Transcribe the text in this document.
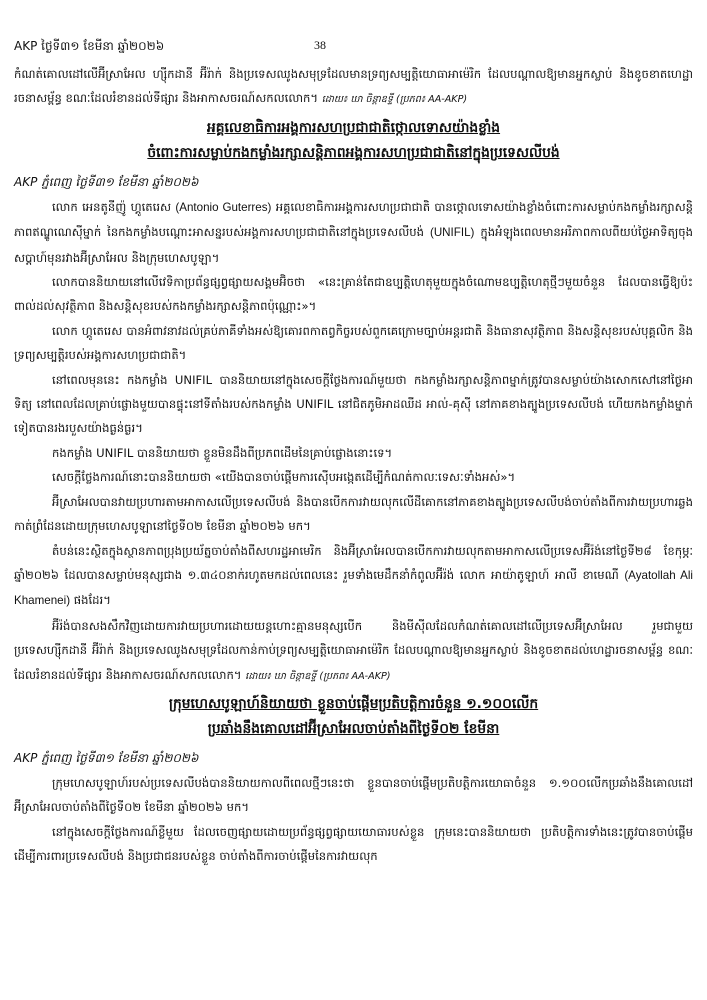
AKP ថ្ងៃទី៣១ ខែមីនា ឆ្នាំ២០២៦	38

កំណត់គោលដៅលើអ៊ីស្រាអែល ហ្ស៊ីកដានី អ៊ីរ៉ាក់ និងប្រទេសឈូងសមុទ្រដែលមានទ្រព្យសម្បត្តិយោធាអាម៉េរិក ដែលបណ្តាលឱ្យមានអ្នកស្លាប់ និងខូចខាតហេដ្ឋារចនាសម្ព័ន្ធ ខណៈដែលរំខានដល់ទីផ្សារ និងអាកាសចរណ៍សកលលោក។ ដោយ៖ ឃា ចិន្តាឧទ្ទី (ប្រភព៖ AA-AKP)

អគ្គលេខាធិការអង្គការសហប្រជាជាតិថ្កោលទោសយ៉ាងខ្លាំង
ចំពោះការសម្លាប់កងកម្លាំងរក្សាសន្តិភាពអង្គការសហប្រជាជាតិនៅក្នុងប្រទេសលីបង់
AKP ភ្នំពេញ ថ្ងៃទី៣១ ខែមីនា ឆ្នាំ២០២៦

លោក អេនតូនីញ៉ូ ហ្គូតេរេស (Antonio Guterres) អគ្គលេខាធិការអង្គការសហប្រជាជាតិ បានថ្កោលទោសយ៉ាងខ្លាំងចំពោះការសម្លាប់កងកម្លាំងរក្សាសន្តិភាពឥណ្ឌូណេស៊ីម្នាក់ នៃកងកម្លាំងបណ្តោះអាសន្នរបស់អង្គការសហប្រជាជាតិនៅក្នុងប្រទេសលីបង់ (UNIFIL) ក្នុងអំឡុងពេលមានអរិភាពកាលពីយប់ថ្ងៃអាទិត្យចុងសប្តាហ៍មុនរវាងអ៊ីស្រាអែល និងក្រុមហេសបូឡា។

លោកបាននិយាយនៅលើវេទិកាប្រព័ន្ធផ្សព្វផ្សាយសង្គមអ៊ិចថា «នេះគ្រាន់តែជាឧប្បត្តិហេតុមួយក្នុងចំណោមឧប្បត្តិហេតុថ្មីៗមួយចំនួន ដែលបានធ្វើឱ្យប៉ះពាល់ដល់សុវត្ថិភាព និងសន្តិសុខរបស់កងកម្លាំងរក្សាសន្តិភាពប៉ុណ្ណោះ»។

លោក ហ្គូតេរេស បានអំពាវនាវដល់គ្រប់ភាគីទាំងអស់ឱ្យគោរពកាតព្វកិច្ចរបស់ពួកគេក្រោមច្បាប់អន្តរជាតិ និងធានាសុវត្ថិភាព និងសន្តិសុខរបស់បុគ្គលិក និងទ្រព្យសម្បត្តិរបស់អង្គការសហប្រជាជាតិ។

នៅពេលមុននេះ កងកម្លាំង UNIFIL បាននិយាយនៅក្នុងសេចក្តីថ្លែងការណ៍មួយថា កងកម្លាំងរក្សាសន្តិភាពម្នាក់ត្រូវបានសម្លាប់យ៉ាងសោកសៅនៅថ្ងៃអាទិត្យ នៅពេលដែលគ្រាប់ផ្លោងមួយបានផ្ទុះនៅទីតាំងរបស់កងកម្លាំង UNIFIL នៅជិតភូមិអាដឈីដ អាល់-គុស៊ី នៅភាគខាងត្បូងប្រទេសលីបង់ ហើយកងកម្លាំងម្នាក់ទៀតបានរងរបួសយ៉ាងធ្ងន់ធ្ងរ។

កងកម្លាំង UNIFIL បាននិយាយថា ខ្លួនមិនដឹងពីប្រភពដើមនៃគ្រាប់ផ្លោងនោះទេ។

សេចក្តីថ្លែងការណ៍នោះបាននិយាយថា «យើងបានចាប់ផ្តើមការស៊ើបអង្កេតដើម្បីកំណត់កាលៈទេសៈទាំងអស់»។

អ៊ីស្រាអែលបានវាយប្រហារតាមអាកាសលើប្រទេសលីបង់ និងបានបើកការវាយលុកលើដីគោកនៅភាគខាងត្បូងប្រទេសលីបង់ចាប់តាំងពីការវាយប្រហារឆ្លងកាត់ព្រំដែនដោយក្រុមហេសបូឡានៅថ្ងៃទី០២ ខែមីនា ឆ្នាំ២០២៦ មក។

តំបន់នេះស្ថិតក្នុងស្ថានភាពប្រុងប្រយ័ត្នចាប់តាំងពីសហរដ្ឋអាមេរិក និងអ៊ីស្រាអែលបានបើកការវាយលុកតាមអាកាសលើប្រទេសអ៊ីរ៉ង់នៅថ្ងៃទី២៨ ខែកុម្ភៈ ឆ្នាំ២០២៦ ដែលបានសម្លាប់មនុស្សជាង ១.៣៤០នាក់រហូតមកដល់ពេលនេះ រួមទាំងមេដឹកនាំកំពូលអ៊ីរ៉ង់ លោក អាយ៉ាតូឡាហ៍ អាលី ខាមេណី (Ayatollah Ali Khamenei) ផងដែរ។

អ៊ីរ៉ង់បានសងសឹកវិញដោយការវាយប្រហារដោយយន្តហោះគ្មានមនុស្សបើក និងមីស៊ីលដែលកំណត់គោលដៅលើប្រទេសអ៊ីស្រាអែល រួមជាមួយប្រទេសហ្ស៊ីកដានី អ៊ីរ៉ាក់ និងប្រទេសឈូងសមុទ្រដែលកាន់កាប់ទ្រព្យសម្បត្តិយោធាអាម៉េរិក ដែលបណ្តាលឱ្យមានអ្នកស្លាប់ និងខូចខាតដល់ហេដ្ឋារចនាសម្ព័ន្ធ ខណៈដែលរំខានដល់ទីផ្សារ និងអាកាសចរណ៍សកលលោក។ ដោយ៖ ឃា ចិន្តាឧទ្ទី (ប្រភព៖ AA-AKP)

ក្រុមហេសបូឡាហ៍និយាយថា ខ្លួនចាប់ផ្តើមប្រតិបត្តិការចំនួន ១.១០០លើក
ប្រឆាំងនឹងគោលដៅអ៊ីស្រាអែលចាប់តាំងពីថ្ងៃទី០២ ខែមីនា
AKP ភ្នំពេញ ថ្ងៃទី៣១ ខែមីនា ឆ្នាំ២០២៦

ក្រុមហេសបូឡាហ៍របស់ប្រទេសលីបង់បាននិយាយកាលពីពេលថ្មីៗនេះថា ខ្លួនបានចាប់ផ្តើមប្រតិបត្តិការយោធាចំនួន ១.១០០លើកប្រឆាំងនឹងគោលដៅអ៊ីស្រាអែលចាប់តាំងពីថ្ងៃទី០២ ខែមីនា ឆ្នាំ២០២៦ មក។

នៅក្នុងសេចក្តីថ្លែងការណ៍ខ្លីមួយ ដែលចេញផ្សាយដោយប្រព័ន្ធផ្សព្វផ្សាយយោធារបស់ខ្លួន ក្រុមនេះបាននិយាយថា ប្រតិបត្តិការទាំងនេះត្រូវបានចាប់ផ្តើមដើម្បីការពារប្រទេសលីបង់ និងប្រជាជនរបស់ខ្លួន ចាប់តាំងពីការចាប់ផ្តើមនៃការវាយលុក
